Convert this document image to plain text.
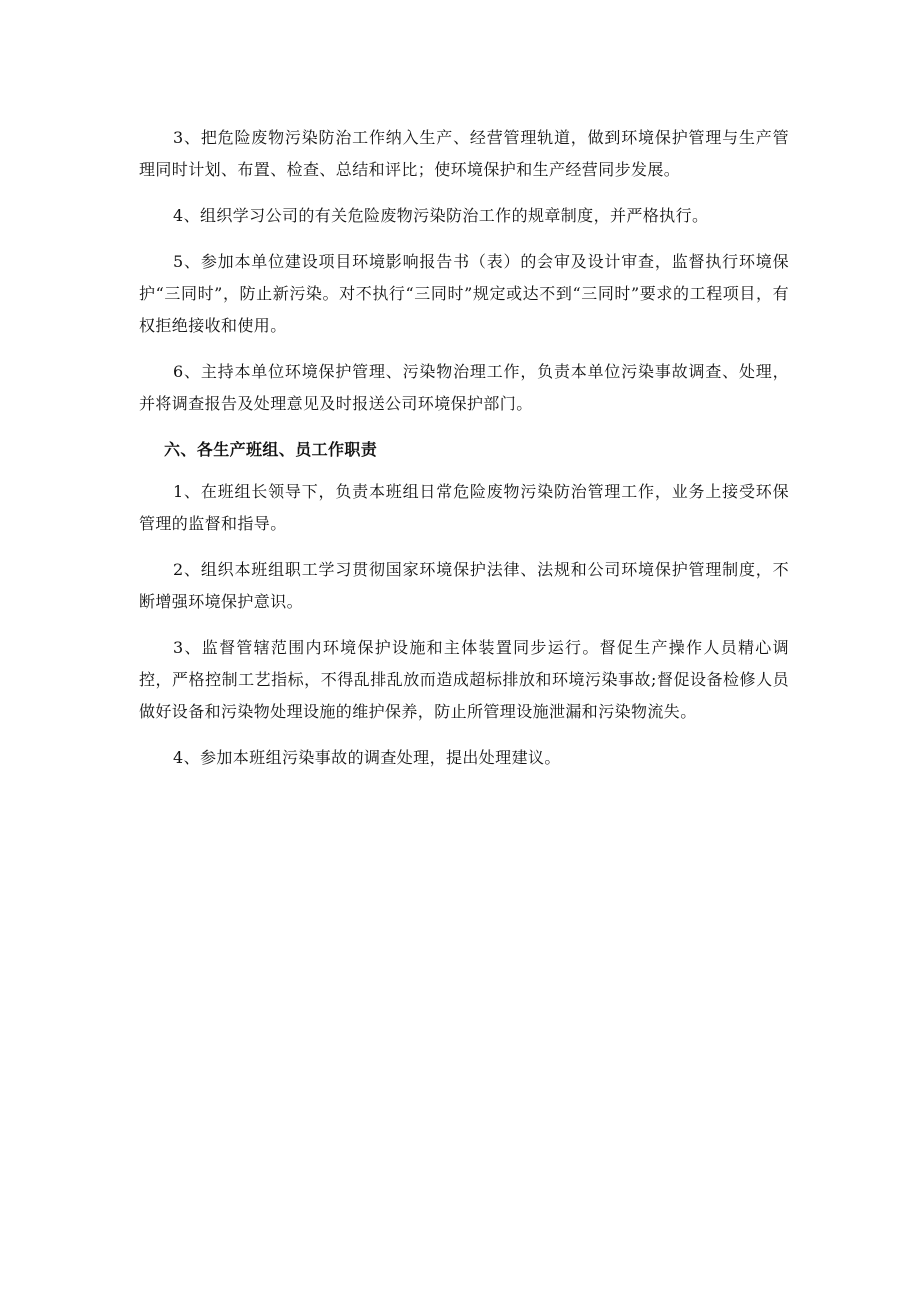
3、把危险废物污染防治工作纳入生产、经营管理轨道，做到环境保护管理与生产管理同时计划、布置、检查、总结和评比；使环境保护和生产经营同步发展。

4、组织学习公司的有关危险废物污染防治工作的规章制度，并严格执行。

5、参加本单位建设项目环境影响报告书（表）的会审及设计审查，监督执行环境保护“三同时”，防止新污染。对不执行“三同时”规定或达不到“三同时”要求的工程项目，有权拒绝接收和使用。

6、主持本单位环境保护管理、污染物治理工作，负责本单位污染事故调查、处理，并将调查报告及处理意见及时报送公司环境保护部门。

六、各生产班组、员工作职责

1、在班组长领导下，负责本班组日常危险废物污染防治管理工作，业务上接受环保管理的监督和指导。

2、组织本班组职工学习贯彻国家环境保护法律、法规和公司环境保护管理制度，不断增强环境保护意识。

3、监督管辖范围内环境保护设施和主体装置同步运行。督促生产操作人员精心调控，严格控制工艺指标，不得乱排乱放而造成超标排放和环境污染事故;督促设备检修人员做好设备和污染物处理设施的维护保养，防止所管理设施泄漏和污染物流失。

4、参加本班组污染事故的调查处理，提出处理建议。
